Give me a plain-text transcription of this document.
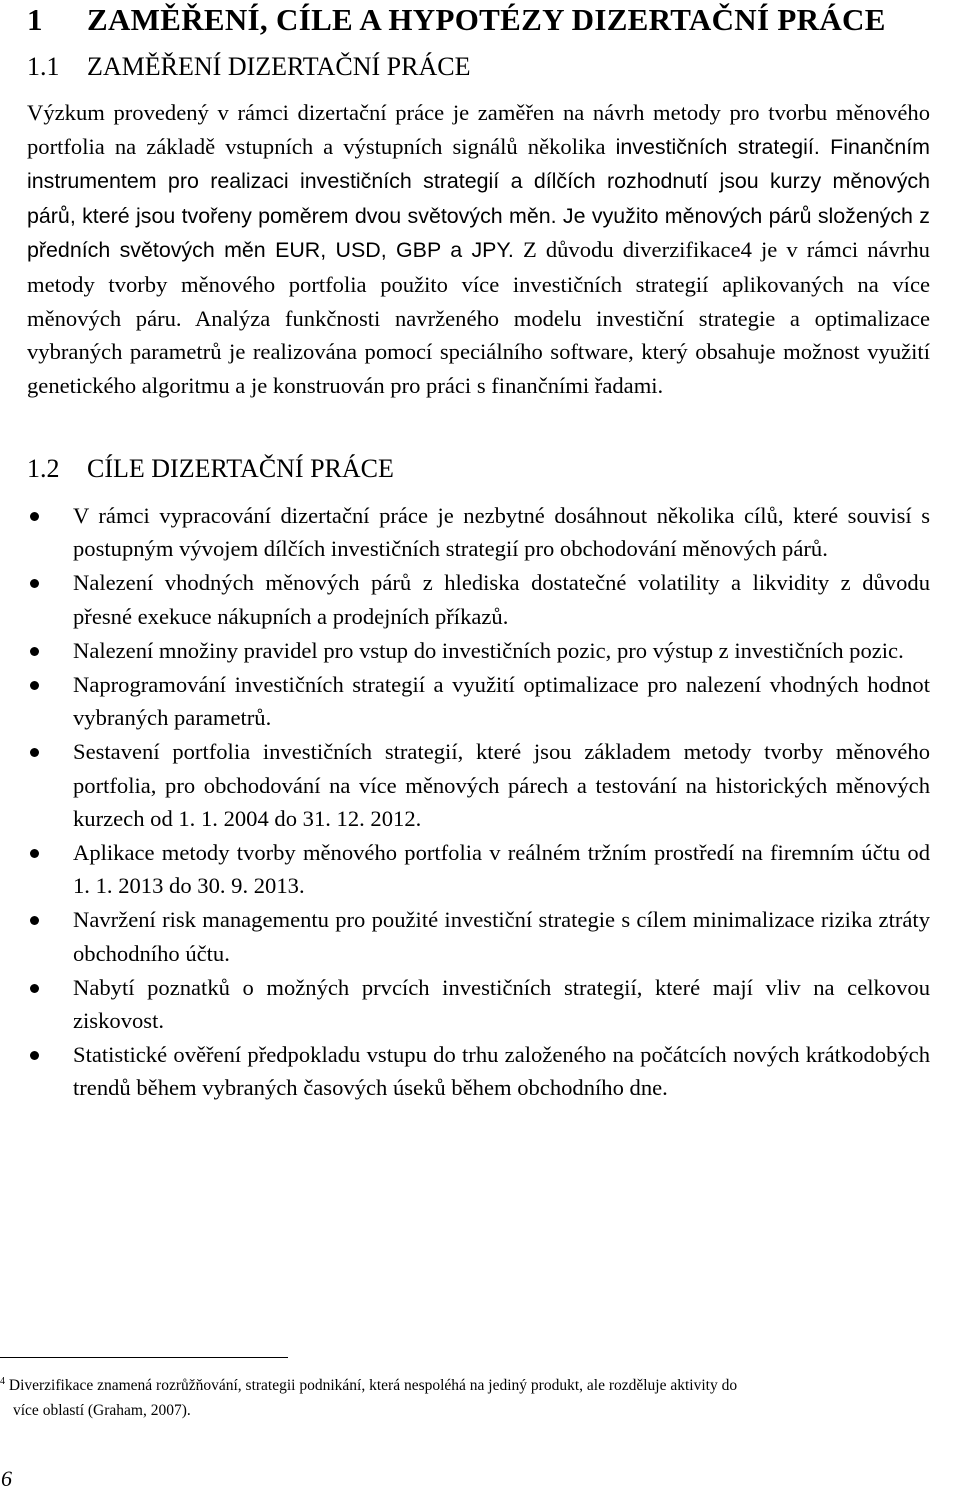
1 ZAMĚŘENÍ, CÍLE A HYPOTÉZY DIZERTAČNÍ PRÁCE
1.1 ZAMĚŘENÍ DIZERTAČNÍ PRÁCE

Výzkum provedený v rámci dizertační práce je zaměřen na návrh metody pro tvorbu měnového portfolia na základě vstupních a výstupních signálů několika investičních strategií. Finančním instrumentem pro realizaci investičních strategií a dílčích rozhodnutí jsou kurzy měnových párů, které jsou tvořeny poměrem dvou světových měn. Je využito měnových párů složených z předních světových měn EUR, USD, GBP a JPY. Z důvodu diverzifikace4 je v rámci návrhu metody tvorby měnového portfolia použito více investičních strategií aplikovaných na více měnových páru. Analýza funkčnosti navrženého modelu investiční strategie a optimalizace vybraných parametrů je realizována pomocí speciálního software, který obsahuje možnost využití genetického algoritmu a je konstruován pro práci s finančními řadami.

1.2 CÍLE DIZERTAČNÍ PRÁCE
V rámci vypracování dizertační práce je nezbytné dosáhnout několika cílů, které souvisí s postupným vývojem dílčích investičních strategií pro obchodování měnových párů.
Nalezení vhodných měnových párů z hlediska dostatečné volatility a likvidity z důvodu přesné exekuce nákupních a prodejních příkazů.
Nalezení množiny pravidel pro vstup do investičních pozic, pro výstup z investičních pozic.
Naprogramování investičních strategií a využití optimalizace pro nalezení vhodných hodnot vybraných parametrů.
Sestavení portfolia investičních strategií, které jsou základem metody tvorby měnového portfolia, pro obchodování na více měnových párech a testování na historických měnových kurzech od 1. 1. 2004 do 31. 12. 2012.
Aplikace metody tvorby měnového portfolia v reálném tržním prostředí na firemním účtu od 1. 1. 2013 do 30. 9. 2013.
Navržení risk managementu pro použité investiční strategie s cílem minimalizace rizika ztráty obchodního účtu.
Nabytí poznatků o možných prvcích investičních strategií, které mají vliv na celkovou ziskovost.
Statistické ověření předpokladu vstupu do trhu založeného na počátcích nových krátkodobých trendů během vybraných časových úseků během obchodního dne.
$^4$ Diverzifikace znamená rozrůžňování, strategii podnikání, která nespoléhá na jediný produkt, ale rozděluje aktivity do
více oblastí (Graham, 2007).
6
